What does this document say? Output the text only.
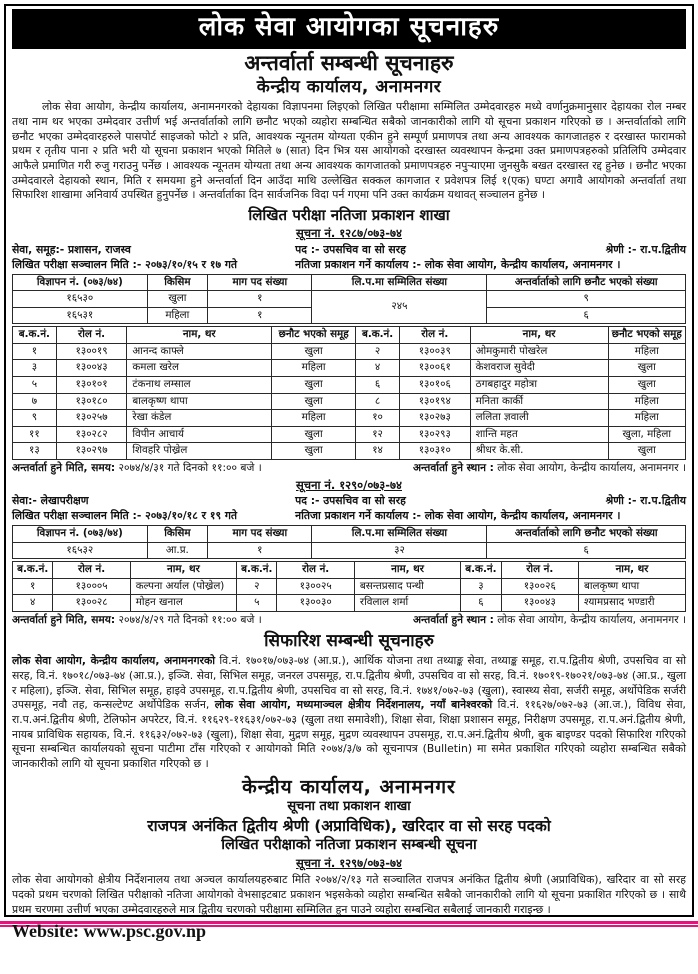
लोक सेवा आयोगका सूचनाहरु
अन्तर्वार्ता सम्बन्धी सूचनाहरु
केन्द्रीय कार्यालय, अनामनगर
लोक सेवा आयोग, केन्द्रीय कार्यालय, अनामनगरको देहायका विज्ञापनमा लिइएको लिखित परीक्षामा सम्मिलित उम्मेदवारहरु मध्ये वर्णानुक्रमानुसार देहायका रोल नम्बर तथा नाम थर भएका उम्मेदवार उत्तीर्ण भई अन्तर्वार्ताको लागि छनौट भएको व्यहोरा सम्बन्धित सबैको जानकारीको लागि यो सूचना प्रकाशन गरिएको छ । अन्तर्वार्ताको लागि छनौट भएका उम्मेदवारहरुले पासपोर्ट साइजको फोटो २ प्रति, आवश्यक न्यूनतम योग्यता एकीन हुने सम्पूर्ण प्रमाणपत्र तथा अन्य आवश्यक कागजातहरु र दरखास्त फारामको प्रथम र तृतीय पाना २ प्रति भरी यो सूचना प्रकाशन भएको मितिले ७ (सात) दिन भित्र यस आयोगको दरखास्त व्यवस्थापन केन्द्रमा उक्त प्रमाणपत्रहरुको प्रतिलिपि उम्मेदवार आफैले प्रमाणित गरी रुजु गराउनु पर्नेछ । आवश्यक न्यूनतम योग्यता तथा अन्य आवश्यक कागजातको प्रमाणपत्रहरु नपुऱ्याएमा जुनसुकै बखत दरखास्त रद्द हुनेछ । छनौट भएका उम्मेदवारले देहायको स्थान, मिति र समयमा हुने अन्तर्वार्ता दिन आउँदा माथि उल्लेखित सक्कल कागजात र प्रवेशपत्र लिई १(एक) घण्टा अगावै आयोगको अन्तर्वार्ता तथा सिफारिश शाखामा अनिवार्य उपस्थित हुनुपर्नेछ । अन्तर्वार्ताका दिन सार्वजनिक विदा पर्न गएमा पनि उक्त कार्यक्रम यथावत् सञ्चालन हुनेछ ।
लिखित परीक्षा नतिजा प्रकाशन शाखा
सूचना नं. १२८७/०७३-७४
सेवा, समूह:- प्रशासन, राजस्व	पद :- उपसचिव वा सो सरह	श्रेणी :- रा.प.द्वितीय
लिखित परीक्षा सञ्चालन मिति :- २०७३/१०/१५ र १७ गते	नतिजा प्रकाशन गर्ने कार्यालय :- लोक सेवा आयोग, केन्द्रीय कार्यालय, अनामनगर ।
विज्ञापन नं. (०७३/७४)	किसिम	माग पद संख्या	लि.प.मा सम्मिलित संख्या	अन्तर्वार्ताको लागि छनौट भएको संख्या
१६५३०	खुला	१	२४५	९
१६५३१	महिला	१		६
ब.क.नं.	रोल नं.	नाम, थर	छनौट भएको समूह	ब.क.नं.	रोल नं.	नाम, थर	छनौट भएको समूह
१	१३००१९	आनन्द काफ्ले	खुला	२	१३००३९	ओमकुमारी पोखरेल	महिला
३	१३००४३	कमला खरेल	महिला	४	१३००६१	केशवराज सुवेदी	खुला
५	१३०१०१	टंकनाथ लम्साल	खुला	६	१३०१०६	ठगबहादुर महोत्रा	खुला
७	१३०१८०	बालकृष्ण थापा	खुला	८	१३०१९४	मनिता कार्की	महिला
९	१३०२५७	रेखा कंडेल	महिला	१०	१३०२७३	ललिता ज्ञवाली	महिला
११	१३०२८२	विपीन आचार्य	खुला	१२	१३०२९३	शान्ति महत	खुला, महिला
१३	१३०२९७	शिवहरि पोख्रेल	खुला	१४	१३०३१०	श्रीधर के.सी.	खुला
अन्तर्वार्ता हुने मिति, समय: २०७४/४/३१ गते दिनको ११:०० बजे ।	अन्तर्वार्ता हुने स्थान : लोक सेवा आयोग, केन्द्रीय कार्यालय, अनामनगर ।
सूचना नं. १२९०/०७३-७४
सेवा:- लेखापरीक्षण	पद :- उपसचिव वा सो सरह	श्रेणी :- रा.प.द्वितीय
लिखित परीक्षा सञ्चालन मिति :- २०७३/१०/१८ र १९ गते	नतिजा प्रकाशन गर्ने कार्यालय :- लोक सेवा आयोग, केन्द्रीय कार्यालय, अनामनगर ।
विज्ञापन नं. (०७३/७४)	किसिम	माग पद संख्या	लि.प.मा सम्मिलित संख्या	अन्तर्वार्ताको लागि छनौट भएको संख्या
१६५३२	आ.प्र.	१	३२	६
ब.क.नं.	रोल नं.	नाम, थर	ब.क.नं.	रोल नं.	नाम, थर	ब.क.नं.	रोल नं.	नाम, थर
१	१३०००५	कल्पना अर्याल (पोख्रेल)	२	१३००२५	बसन्तप्रसाद पन्थी	३	१३००२६	बालकृष्ण थापा
४	१३००२८	मोहन खनाल	५	१३००३०	रविलाल शर्मा	६	१३००४३	श्यामप्रसाद भण्डारी
अन्तर्वार्ता हुने मिति, समय: २०७४/४/२९ गते दिनको ११:०० बजे ।	अन्तर्वार्ता हुने स्थान : लोक सेवा आयोग, केन्द्रीय कार्यालय, अनामनगर ।
सिफारिश सम्बन्धी सूचनाहरु
लोक सेवा आयोग, केन्द्रीय कार्यालय, अनामनगरको वि.नं. १७०१७/०७३-७४ (आ.प्र.), आर्थिक योजना तथा तथ्याङ्क सेवा, तथ्याङ्क समूह, रा.प.द्वितीय श्रेणी, उपसचिव वा सो सरह, वि.नं. १७०१८/०७३-७४ (आ.प्र.), इञ्जि. सेवा, सिभिल समूह, जनरल उपसमूह, रा.प.द्वितीय श्रेणी, उपसचिव वा सो सरह, वि.नं. १७०१९-१७०२१/०७३-७४ (आ.प्र., खुला र महिला), इञ्जि. सेवा, सिभिल समूह, हाइवे उपसमूह, रा.प.द्वितीय श्रेणी, उपसचिव वा सो सरह, वि.नं. १७४१/०७२-७३ (खुला), स्वास्थ्य सेवा, सर्जरी समूह, अर्थोपेडिक सर्जरी उपसमूह, नवौ तह, कन्सल्टेण्ट अर्थोपेडिक सर्जन, लोक सेवा आयोग, मध्यमाञ्चल क्षेत्रीय निर्देशनालय, नयाँ बानेश्वरको वि.नं. ११६२७/०७२-७३ (आ.ज.), विविध सेवा, रा.प.अनं.द्वितीय श्रेणी, टेलिफोन अपरेटर, वि.नं. ११६२९-११६३१/०७२-७३ (खुला तथा समावेशी), शिक्षा सेवा, शिक्षा प्रशासन समूह, निरीक्षण उपसमूह, रा.प.अनं.द्वितीय श्रेणी, नायब प्राविधिक सहायक, वि.नं. ११६३२/०७२-७३ (खुला), शिक्षा सेवा, मुद्रण समूह, मुद्रण व्यवस्थापन उपसमूह, रा.प.अनं.द्वितीय श्रेणी, बुक बाइण्डर पदको सिफारिश गरिएको सूचना सम्बन्धित कार्यालयको सूचना पाटीमा टाँस गरिएको र आयोगको मिति २०७४/३/७ को सूचनापत्र (Bulletin) मा समेत प्रकाशित गरिएको व्यहोरा सम्बन्धित सबैको जानकारीको लागि यो सूचना प्रकाशित गरिएको छ ।
केन्द्रीय कार्यालय, अनामनगर
सूचना तथा प्रकाशन शाखा
राजपत्र अनंकित द्वितीय श्रेणी (अप्राविधिक), खरिदार वा सो सरह पदको
लिखित परीक्षाको नतिजा प्रकाशन सम्बन्धी सूचना
सूचना नं. १२९७/०७३-७४
लोक सेवा आयोगको क्षेत्रीय निर्देशनालय तथा अञ्चल कार्यालयहरुबाट मिति २०७४/२/१३ गते सञ्चालित राजपत्र अनंकित द्वितीय श्रेणी (अप्राविधिक), खरिदार वा सो सरह पदको प्रथम चरणको लिखित परीक्षाको नतिजा आयोगको वेभसाइटबाट प्रकाशन भइसकेको व्यहोरा सम्बन्धित सबैको जानकारीको लागि यो सूचना प्रकाशित गरिएको छ । साथै प्रथम चरणमा उत्तीर्ण भएका उम्मेदवारहरुले मात्र द्वितीय चरणको परीक्षामा सम्मिलित हुन पाउने व्यहोरा सम्बन्धित सबैलाई जानकारी गराइन्छ ।
Website: www.psc.gov.np
